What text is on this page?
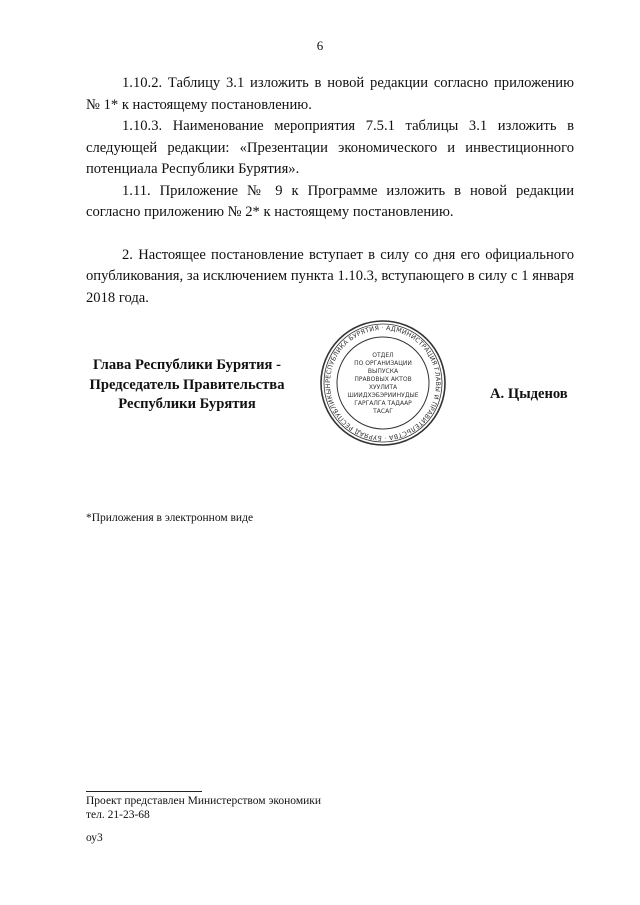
6

1.10.2. Таблицу 3.1 изложить в новой редакции согласно приложению № 1* к настоящему постановлению.

1.10.3. Наименование мероприятия 7.5.1 таблицы 3.1 изложить в следующей редакции: «Презентации экономического и инвестиционного потенциала Республики Бурятия».

1.11. Приложение № 9 к Программе изложить в новой редакции согласно приложению № 2* к настоящему постановлению.

2. Настоящее постановление вступает в силу со дня его официального опубликования, за исключением пункта 1.10.3, вступающего в силу с 1 января 2018 года.

Глава Республики Бурятия -
Председатель Правительства
Республики Бурятия
РЕСПУБЛИКА БУРЯТИЯ · АДМИНИСТРАЦИЯ ГЛАВЫ И ПРАВИТЕЛЬСТВА · БУРЯАД РЕСПУБЛИКЫН
ОТДЕЛ
ПО ОРГАНИЗАЦИИ
ВЫПУСКА
ПРАВОВЫХ АКТОВ
ХУУЛИТА
ШИИДХЭБЭРИИНУДЫЕ
ГАРГАЛГА ТАДААР
ТАСАГ
А. Цыденов
*Приложения в электронном виде
Проект представлен Министерством экономики
тел. 21-23-68
оу3
